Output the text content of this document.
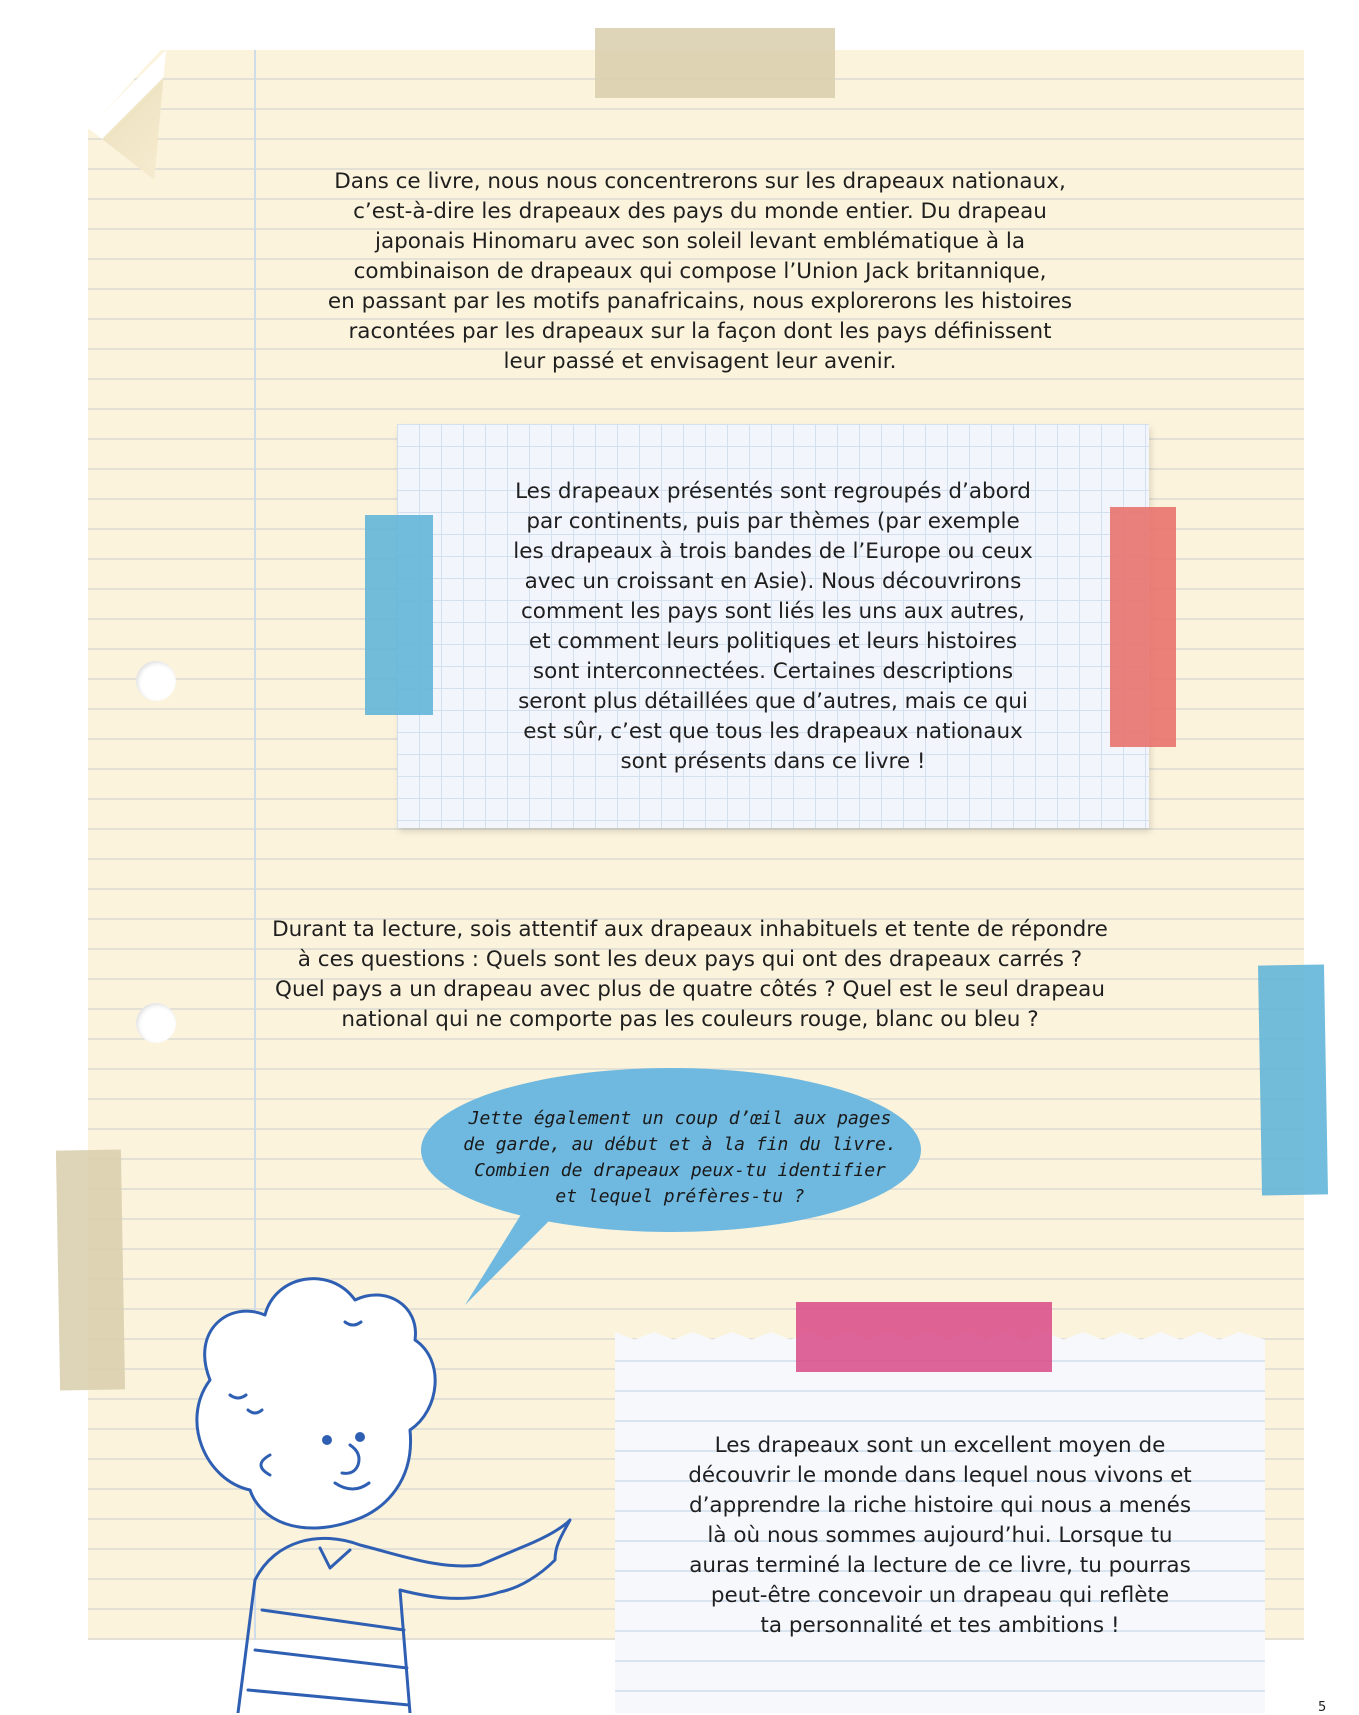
Dans ce livre, nous nous concentrerons sur les drapeaux nationaux,

c’est-à-dire les drapeaux des pays du monde entier. Du drapeau

japonais Hinomaru avec son soleil levant emblématique à la

combinaison de drapeaux qui compose l’Union Jack britannique,

en passant par les motifs panafricains, nous explorerons les histoires

racontées par les drapeaux sur la façon dont les pays définissent

leur passé et envisagent leur avenir.

Les drapeaux présentés sont regroupés d’abord

par continents, puis par thèmes (par exemple

les drapeaux à trois bandes de l’Europe ou ceux

avec un croissant en Asie). Nous découvrirons

comment les pays sont liés les uns aux autres,

et comment leurs politiques et leurs histoires

sont interconnectées. Certaines descriptions

seront plus détaillées que d’autres, mais ce qui

est sûr, c’est que tous les drapeaux nationaux

sont présents dans ce livre !

Durant ta lecture, sois attentif aux drapeaux inhabituels et tente de répondre

à ces questions : Quels sont les deux pays qui ont des drapeaux carrés ?

Quel pays a un drapeau avec plus de quatre côtés ? Quel est le seul drapeau

national qui ne comporte pas les couleurs rouge, blanc ou bleu ?

Jette également un coup d’œil aux pages
de garde, au début et à la fin du livre.
Combien de drapeaux peux-tu identifier
et lequel préfères-tu ?

Les drapeaux sont un excellent moyen de

découvrir le monde dans lequel nous vivons et

d’apprendre la riche histoire qui nous a menés

là où nous sommes aujourd’hui. Lorsque tu

auras terminé la lecture de ce livre, tu pourras

peut-être concevoir un drapeau qui reflète

ta personnalité et tes ambitions !

5
